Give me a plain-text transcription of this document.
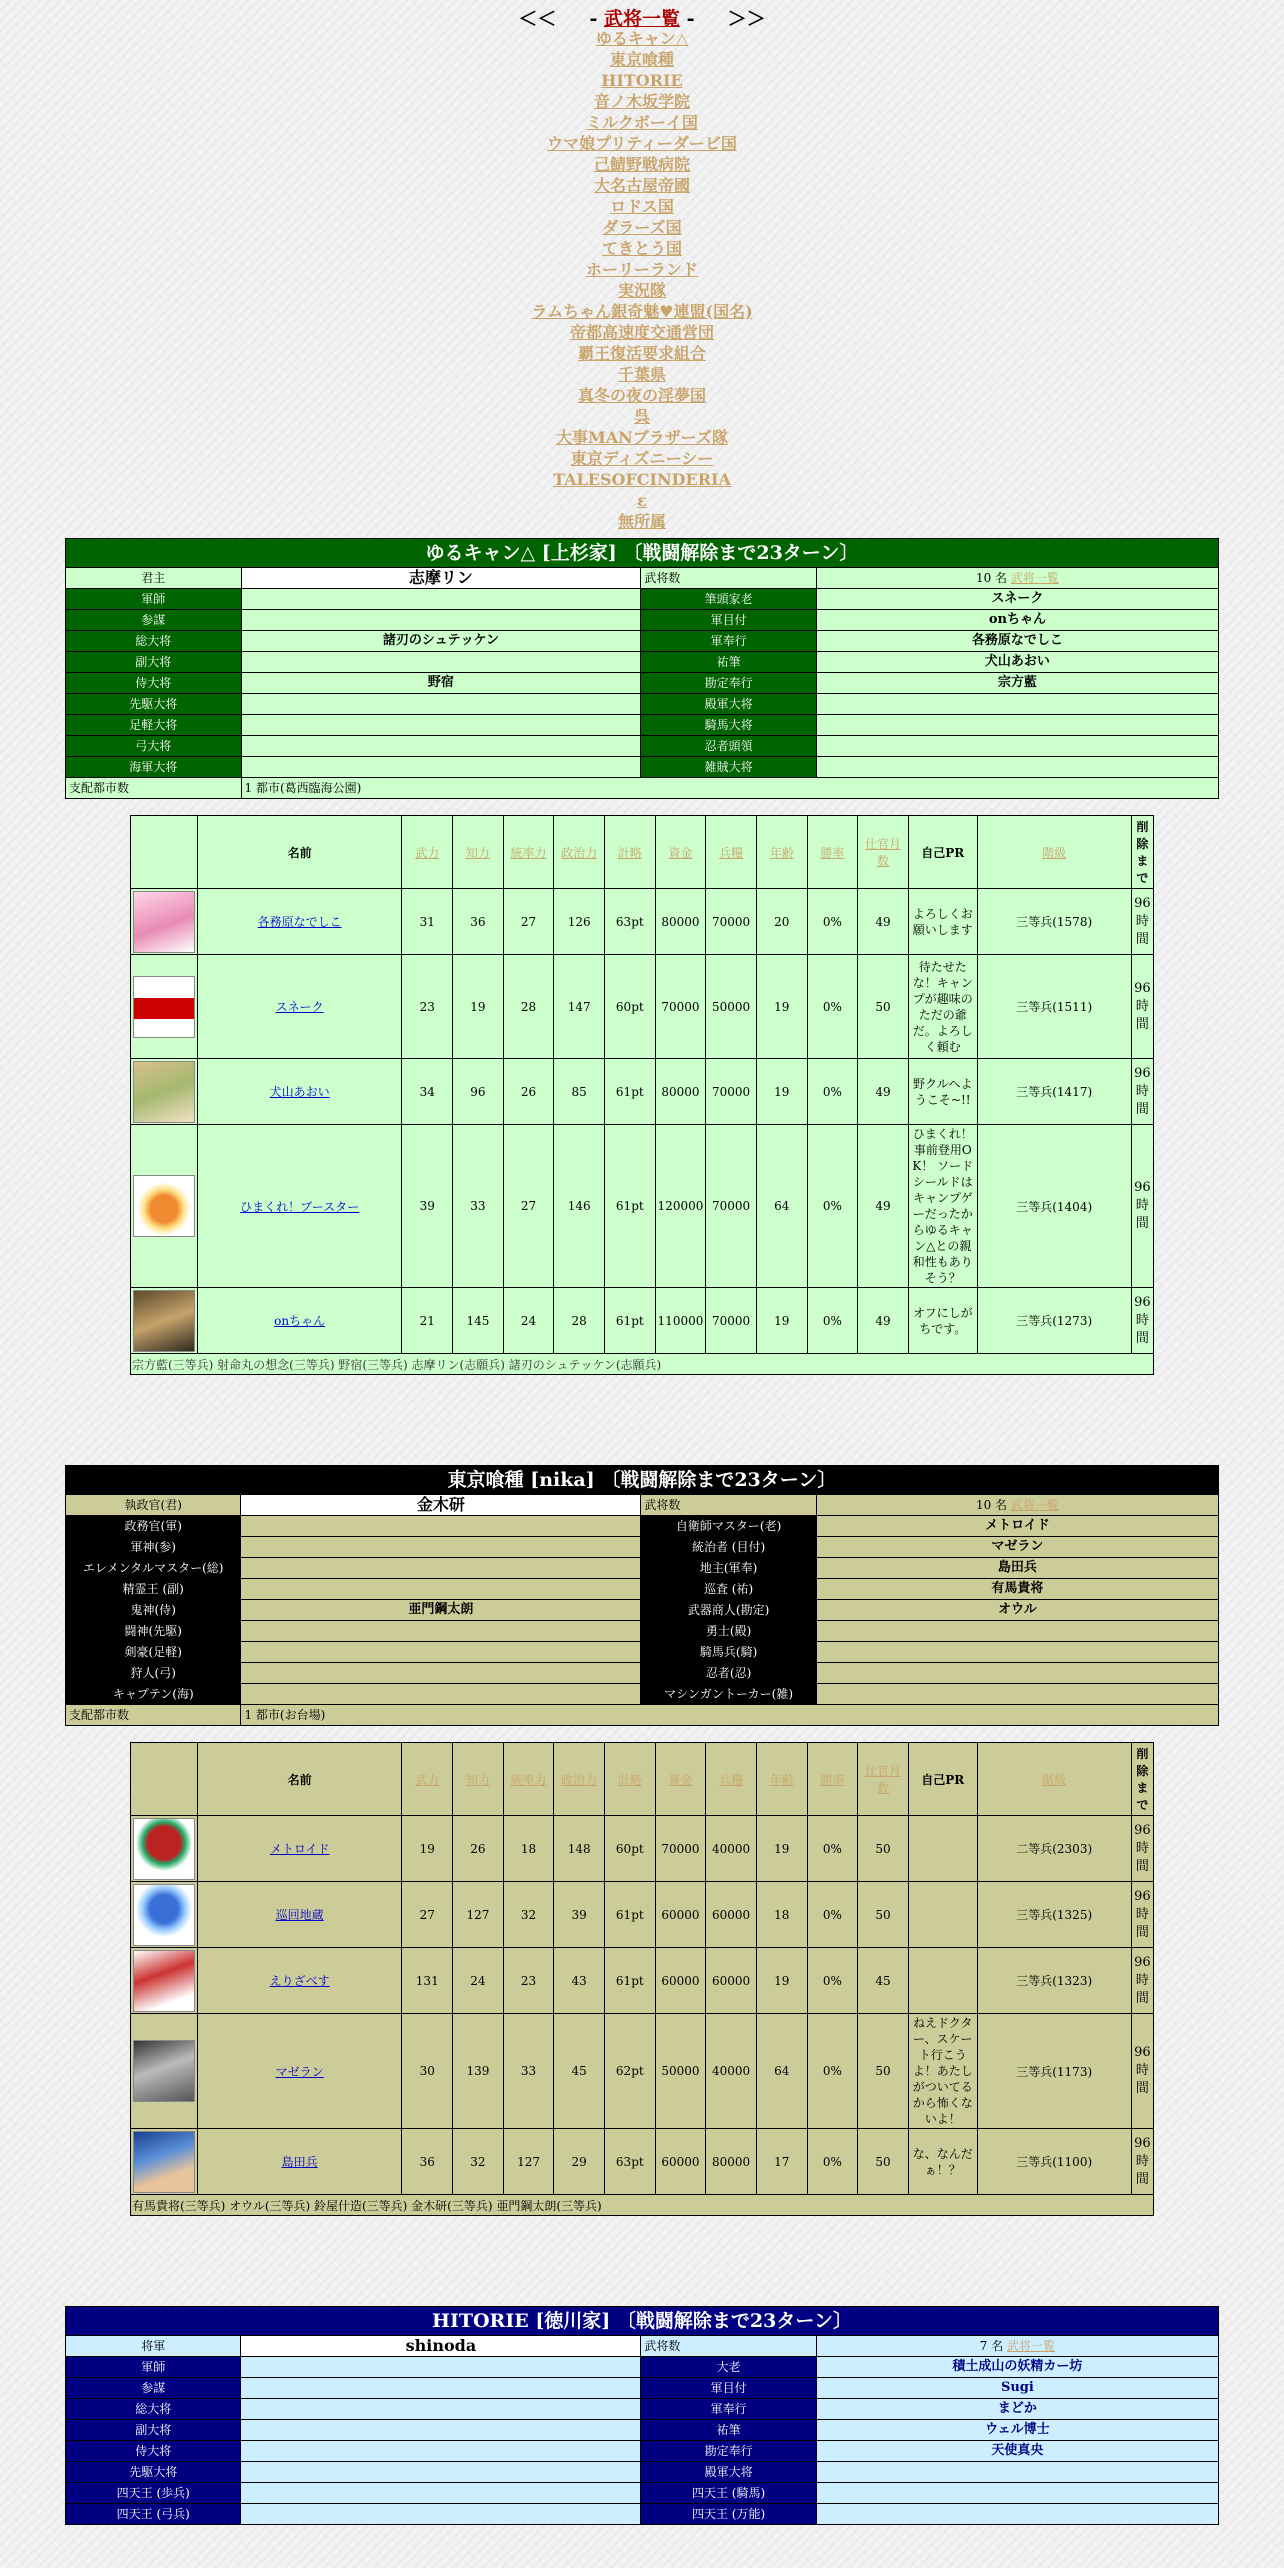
＜＜     - 武将一覧 -     ＞＞
ゆるキャン△
東京喰種
HITORIE
音ノ木坂学院
ミルクボーイ国
ウマ娘プリティーダービ国
己鯖野戦病院
大名古屋帝國
ロドス国
ダラーズ国
てきとう国
ホーリーランド
実況隊
ラムちゃん銀奇魅♥連盟(国名)
帝都高速度交通営団
覇王復活要求組合
千葉県
真冬の夜の淫夢国
呉
大事MANブラザーズ隊
東京ディズニーシー
TALESOFCINDERIA
ε
無所属
ゆるキャン△ [上杉家] 〔戦闘解除まで23ターン〕			
君主	志摩リン	武将数	10 名 武将一覧
軍師		筆頭家老	スネーク
参謀		軍目付	onちゃん
総大将	諸刃のシュテッケン	軍奉行	各務原なでしこ
副大将		祐筆	犬山あおい
侍大将	野宿	勘定奉行	宗方藍
先駆大将		殿軍大将	
足軽大将		騎馬大将	
弓大将		忍者頭領	
海軍大将		雑賊大将	
支配都市数	1 都市(葛西臨海公園)		
	名前	武力	知力	統率力	政治力	計略	資金	兵糧	年齢	勝率	仕官月数	自己PR	階級	削除まで

	各務原なでしこ	31	36	27	126	63pt	80000	70000	20	0%	49	よろしくお願いします	三等兵(1578)	96時間

	スネーク	23	19	28	147	60pt	70000	50000	19	0%	50	待たせたな！キャンプが趣味のただの爺だ。よろしく頼む	三等兵(1511)	96時間

	犬山あおい	34	96	26	85	61pt	80000	70000	19	0%	49	野クルへようこそ~!!	三等兵(1417)	96時間

	ひまくれ！ブースター	39	33	27	146	61pt	120000	70000	64	0%	49	ひまくれ！事前登用OK！ ソードシールドはキャンプゲーだったからゆるキャン△との親和性もありそう？	三等兵(1404)	96時間

	onちゃん	21	145	24	28	61pt	110000	70000	19	0%	49	オフにしがちです。	三等兵(1273)	96時間
宗方藍(三等兵) 射命丸の想念(三等兵) 野宿(三等兵) 志摩リン(志願兵) 諸刃のシュテッケン(志願兵)														
東京喰種 [nika] 〔戦闘解除まで23ターン〕			
執政官(君)	金木研	武将数	10 名 武将一覧
政務官(軍)		自衛師マスター(老)	メトロイド
軍神(参)		統治者 (目付)	マゼラン
エレメンタルマスター(総)		地主(軍奉)	島田兵
精霊王 (副)		巡査 (祐)	有馬貴将
鬼神(侍)	亜門鋼太朗	武器商人(勘定)	オウル
闘神(先駆)		勇士(殿)	
剣豪(足軽)		騎馬兵(騎)	
狩人(弓)		忍者(忍)	
キャプテン(海)		マシンガントーカー(雑)	
支配都市数	1 都市(お台場)		
	名前	武力	知力	統率力	政治力	計略	資金	兵糧	年齢	勝率	仕官月数	自己PR	階級	削除まで

	メトロイド	19	26	18	148	60pt	70000	40000	19	0%	50		二等兵(2303)	96時間

	巡回地蔵	27	127	32	39	61pt	60000	60000	18	0%	50		三等兵(1325)	96時間

	えりざべす	131	24	23	43	61pt	60000	60000	19	0%	45		三等兵(1323)	96時間

	マゼラン	30	139	33	45	62pt	50000	40000	64	0%	50	ねえドクター、スケート行こうよ！あたしがついてるから怖くないよ！	三等兵(1173)	96時間

	島田兵	36	32	127	29	63pt	60000	80000	17	0%	50	な、なんだぁ！？	三等兵(1100)	96時間
有馬貴将(三等兵) オウル(三等兵) 鈴屋什造(三等兵) 金木研(三等兵) 亜門鋼太朗(三等兵)														
HITORIE [徳川家] 〔戦闘解除まで23ターン〕			
将軍	shinoda	武将数	7 名 武将一覧
軍師		大老	積土成山の妖精カー坊
参謀		軍目付	Sugi
総大将		軍奉行	まどか
副大将		祐筆	ウェル博士
侍大将		勘定奉行	天使真央
先駆大将		殿軍大将	
四天王 (歩兵)		四天王 (騎馬)	
四天王 (弓兵)		四天王 (万能)	
